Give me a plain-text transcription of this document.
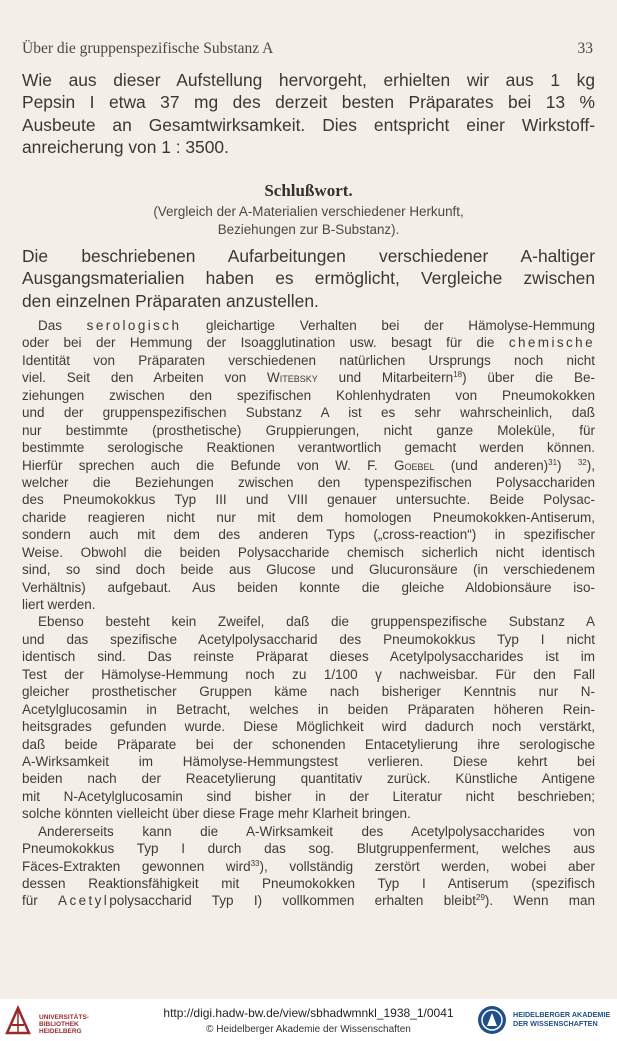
Über die gruppenspezifische Substanz A	33
Wie aus dieser Aufstellung hervorgeht, erhielten wir aus 1 kg
Pepsin I etwa 37 mg des derzeit besten Präparates bei 13 %
Ausbeute an Gesamtwirksamkeit. Dies entspricht einer Wirkstoff-
anreicherung von 1 : 3500.
Schlußwort.
(Vergleich der A-Materialien verschiedener Herkunft,
Beziehungen zur B-Substanz).
Die beschriebenen Aufarbeitungen verschiedener A-haltiger
Ausgangsmaterialien haben es ermöglicht, Vergleiche zwischen
den einzelnen Präparaten anzustellen.
Das serologisch gleichartige Verhalten bei der Hämolyse-Hemmung
oder bei der Hemmung der Isoagglutination usw. besagt für die chemische
Identität von Präparaten verschiedenen natürlichen Ursprungs noch nicht
viel. Seit den Arbeiten von Witebsky und Mitarbeitern$^{18}$) über die Be-
ziehungen zwischen den spezifischen Kohlenhydraten von Pneumokokken
und der gruppenspezifischen Substanz A ist es sehr wahrscheinlich, daß
nur bestimmte (prosthetische) Gruppierungen, nicht ganze Moleküle, für
bestimmte serologische Reaktionen verantwortlich gemacht werden können.
Hierfür sprechen auch die Befunde von W. F. Goebel (und anderen)$^{31}$) $^{32}$),
welcher die Beziehungen zwischen den typenspezifischen Polysacchariden
des Pneumokokkus Typ III und VIII genauer untersuchte. Beide Polysac-
charide reagieren nicht nur mit dem homologen Pneumokokken-Antiserum,
sondern auch mit dem des anderen Typs („cross-reaction“) in spezifischer
Weise. Obwohl die beiden Polysaccharide chemisch sicherlich nicht identisch
sind, so sind doch beide aus Glucose und Glucuronsäure (in verschiedenem
Verhältnis) aufgebaut. Aus beiden konnte die gleiche Aldobionsäure iso-
liert werden.
Ebenso besteht kein Zweifel, daß die gruppenspezifische Substanz A
und das spezifische Acetylpolysaccharid des Pneumokokkus Typ I nicht
identisch sind. Das reinste Präparat dieses Acetylpolysaccharides ist im
Test der Hämolyse-Hemmung noch zu 1/100 γ nachweisbar. Für den Fall
gleicher prosthetischer Gruppen käme nach bisheriger Kenntnis nur N-
Acetylglucosamin in Betracht, welches in beiden Präparaten höheren Rein-
heitsgrades gefunden wurde. Diese Möglichkeit wird dadurch noch verstärkt,
daß beide Präparate bei der schonenden Entacetylierung ihre serologische
A-Wirksamkeit im Hämolyse-Hemmungstest verlieren. Diese kehrt bei
beiden nach der Reacetylierung quantitativ zurück. Künstliche Antigene
mit N-Acetylglucosamin sind bisher in der Literatur nicht beschrieben;
solche könnten vielleicht über diese Frage mehr Klarheit bringen.
Andererseits kann die A-Wirksamkeit des Acetylpolysaccharides von
Pneumokokkus Typ I durch das sog. Blutgruppenferment, welches aus
Fäces-Extrakten gewonnen wird$^{33}$), vollständig zerstört werden, wobei aber
dessen Reaktionsfähigkeit mit Pneumokokken Typ I Antiserum (spezifisch
für Acetylpolysaccharid Typ I) vollkommen erhalten bleibt$^{29}$). Wenn man
UNIVERSITÄTS- BIBLIOTHEK HEIDELBERG
http://digi.hadw-bw.de/view/sbhadwmnkl_1938_1/0041
© Heidelberger Akademie der Wissenschaften
HEIDELBERGER AKADEMIE DER WISSENSCHAFTEN
